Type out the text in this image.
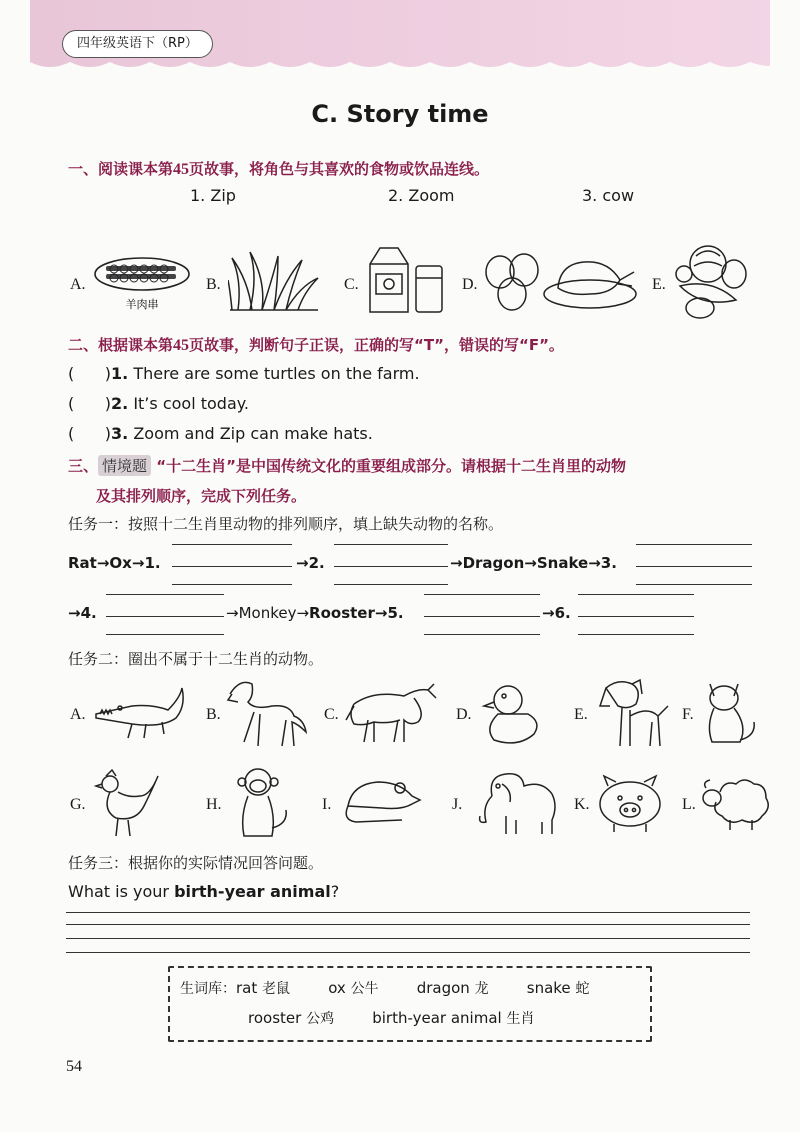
四年级英语下（RP）
C. Story time
一、阅读课本第45页故事，将角色与其喜欢的食物或饮品连线。
1. Zip	2. Zoom	3. cow
A.
羊肉串
B.	C.	D.	E.
二、根据课本第45页故事，判断句子正误，正确的写“T”，错误的写“F”。
(      )1. There are some turtles on the farm.
(      )2. It’s cool today.
(      )3. Zoom and Zip can make hats.
三、 情境题 “十二生肖”是中国传统文化的重要组成部分。请根据十二生肖里的动物
及其排列顺序，完成下列任务。
任务一：按照十二生肖里动物的排列顺序，填上缺失动物的名称。
Rat→Ox→1.	→2.	→Dragon→Snake→3.
→4.	→Monkey→Rooster→5.	→6.
任务二：圈出不属于十二生肖的动物。
A.	B.	C.	D.	E.	F.
G.	H.	I.	J.	K.	L.
任务三：根据你的实际情况回答问题。
What is your birth-year animal?
生词库：rat 老鼠	ox 公牛	dragon 龙	snake 蛇
rooster 公鸡	birth-year animal 生肖
54
